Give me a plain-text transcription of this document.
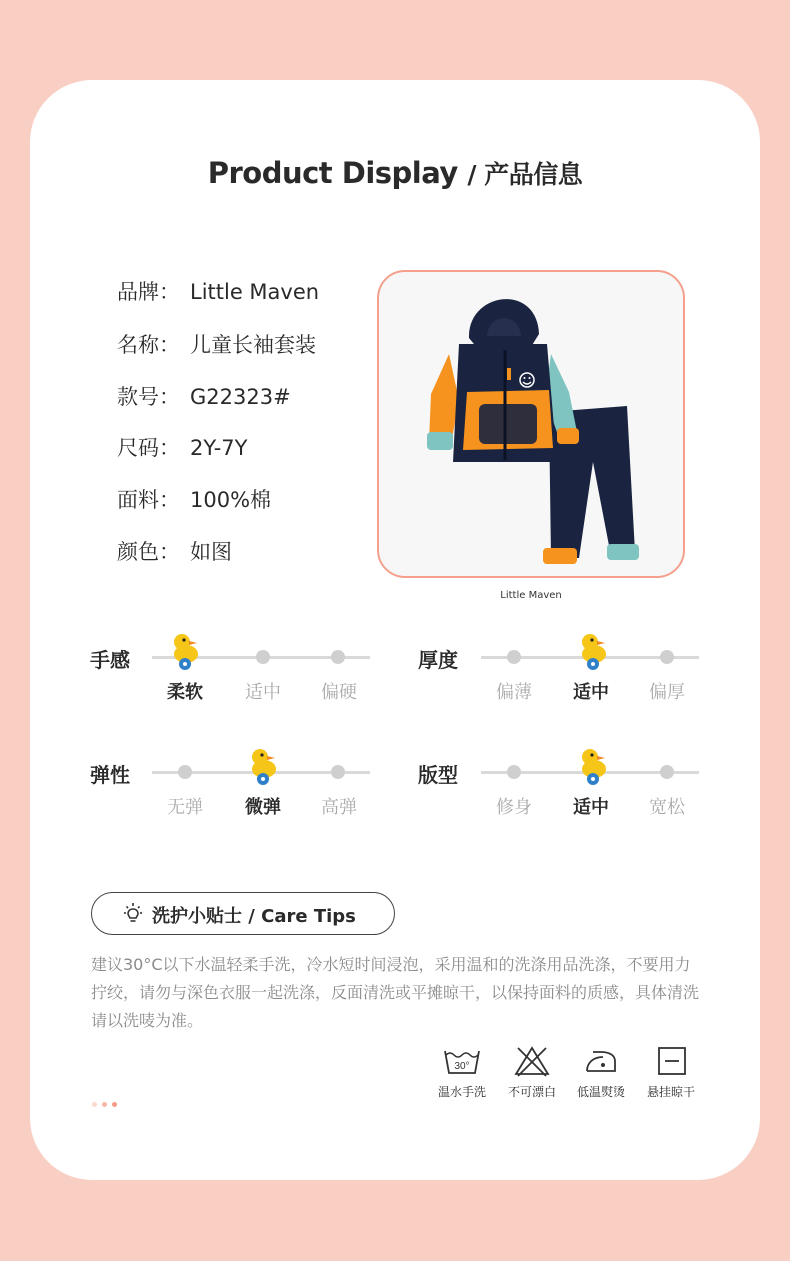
Product Display / 产品信息
品牌： Little Maven
名称： 儿童长袖套装
款号： G22323#
尺码： 2Y-7Y
面料： 100%棉
颜色： 如图
Little Maven
手感
柔软	适中	偏硬
厚度
偏薄	适中	偏厚
弹性
无弹	微弹	高弹
版型
修身	适中	宽松
洗护小贴士 / Care Tips
建议30°C以下水温轻柔手洗，冷水短时间浸泡，采用温和的洗涤用品洗涤，不要用力拧绞，请勿与深色衣服一起洗涤，反面清洗或平摊晾干，以保持面料的质感，具体清洗请以洗唛为准。
30°
温水手洗	不可漂白	低温熨烫	悬挂晾干
